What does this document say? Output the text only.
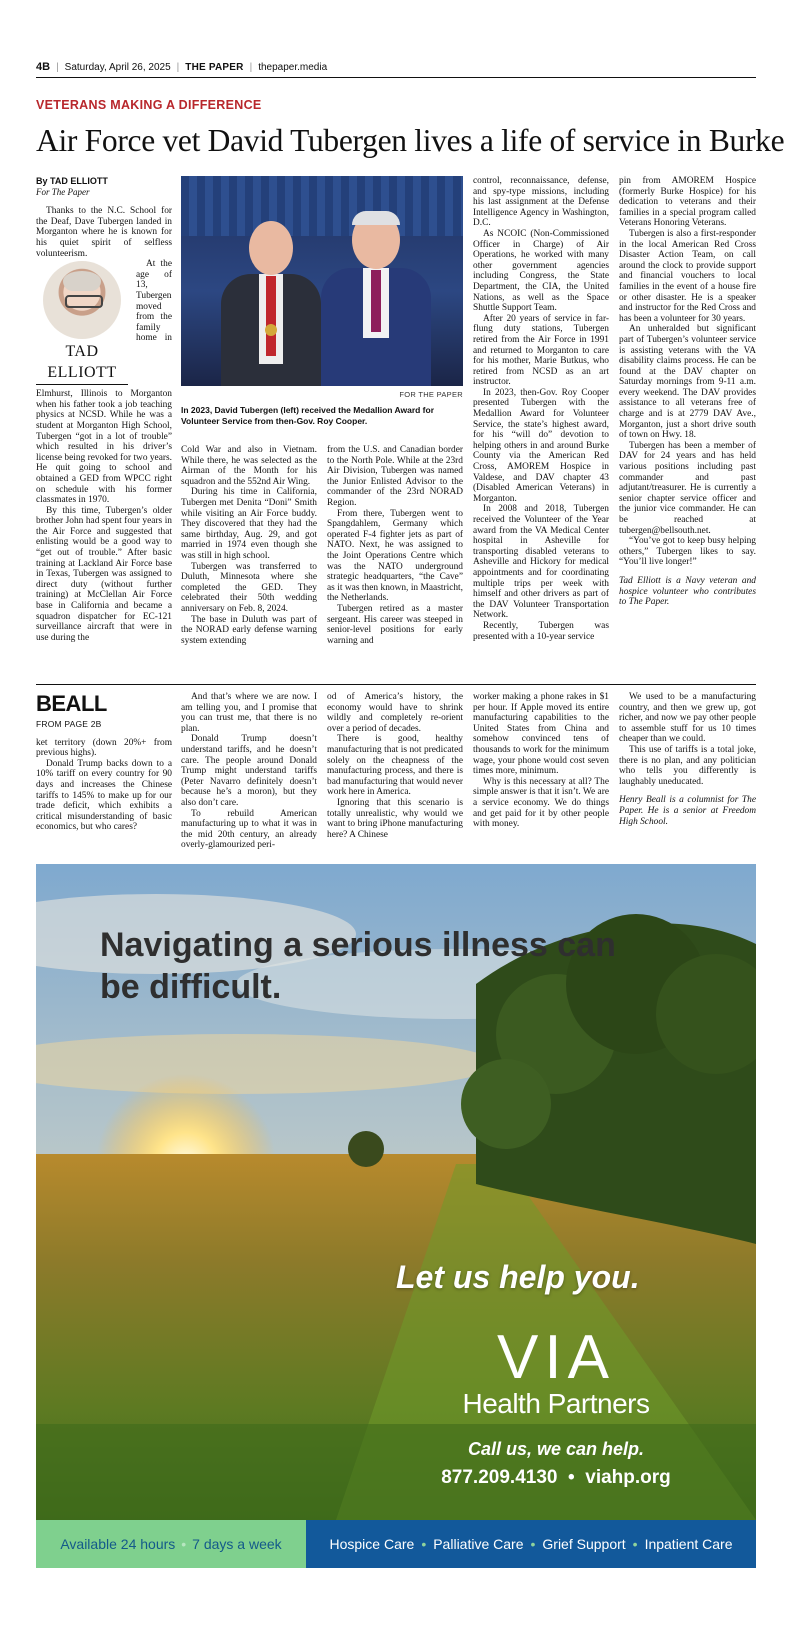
4B | Saturday, April 26, 2025 | THE PAPER | thepaper.media
VETERANS MAKING A DIFFERENCE
Air Force vet David Tubergen lives a life of service in Burke
By TAD ELLIOTT
For The Paper

Thanks to the N.C. School for the Deaf, Dave Tubergen landed in Morganton where he is known for his quiet spirit of selfless volunteerism.

TAD
ELLIOTT

At the age of 13, Tubergen moved from the family home in Elmhurst, Illinois to Morganton when his father took a job teaching physics at NCSD. While he was a student at Morganton High School, Tubergen “got in a lot of trouble” which resulted in his driver’s license being revoked for two years. He quit going to school and obtained a GED from WPCC right on schedule with his former classmates in 1970.

By this time, Tubergen’s older brother John had spent four years in the Air Force and suggested that enlisting would be a good way to “get out of trouble.” After basic training at Lackland Air Force base in Texas, Tubergen was assigned to direct duty (without further training) at McClellan Air Force base in California and became a squadron dispatcher for EC-121 surveillance aircraft that were in use during the

FOR THE PAPER
In 2023, David Tubergen (left) received the Medallion Award for Volunteer Service from then-Gov. Roy Cooper.

Cold War and also in Vietnam. While there, he was selected as the Airman of the Month for his squadron and the 552nd Air Wing.

During his time in California, Tubergen met Denita “Doni” Smith while visiting an Air Force buddy. They discovered that they had the same birthday, Aug. 29, and got married in 1974 even though she was still in high school.

Tubergen was transferred to Duluth, Minnesota where she completed the GED. They celebrated their 50th wedding anniversary on Feb. 8, 2024.

The base in Duluth was part of the NORAD early defense warning system extending

from the U.S. and Canadian border to the North Pole. While at the 23rd Air Division, Tubergen was named the Junior Enlisted Advisor to the commander of the 23rd NORAD Region.

From there, Tubergen went to Spangdahlem, Germany which operated F-4 fighter jets as part of NATO. Next, he was assigned to the Joint Operations Centre which was the NATO underground strategic headquarters, “the Cave” as it was then known, in Maastricht, the Netherlands.

Tubergen retired as a master sergeant. His career was steeped in senior-level positions for early warning and

control, reconnaissance, defense, and spy-type missions, including his last assignment at the Defense Intelligence Agency in Washington, D.C.

As NCOIC (Non-Commissioned Officer in Charge) of Air Operations, he worked with many other government agencies including Congress, the State Department, the CIA, the United Nations, as well as the Space Shuttle Support Team.

After 20 years of service in far-flung duty stations, Tubergen retired from the Air Force in 1991 and returned to Morganton to care for his mother, Marie Butkus, who retired from NCSD as an art instructor.

In 2023, then-Gov. Roy Cooper presented Tubergen with the Medallion Award for Volunteer Service, the state’s highest award, for his “will do” devotion to helping others in and around Burke County via the American Red Cross, AMOREM Hospice in Valdese, and DAV chapter 43 (Disabled American Veterans) in Morganton.

In 2008 and 2018, Tubergen received the Volunteer of the Year award from the VA Medical Center hospital in Asheville for transporting disabled veterans to Asheville and Hickory for medical appointments and for coordinating multiple trips per week with himself and other drivers as part of the DAV Volunteer Transportation Network.

Recently, Tubergen was presented with a 10-year service

pin from AMOREM Hospice (formerly Burke Hospice) for his dedication to veterans and their families in a special program called Veterans Honoring Veterans.

Tubergen is also a first-responder in the local American Red Cross Disaster Action Team, on call around the clock to provide support and financial vouchers to local families in the event of a house fire or other disaster. He is a speaker and instructor for the Red Cross and has been a volunteer for 30 years.

An unheralded but significant part of Tubergen’s volunteer service is assisting veterans with the VA disability claims process. He can be found at the DAV chapter on Saturday mornings from 9-11 a.m. every weekend. The DAV provides assistance to all veterans free of charge and is at 2779 DAV Ave., Morganton, just a short drive south of town on Hwy. 18.

Tubergen has been a member of DAV for 24 years and has held various positions including past commander and past adjutant/treasurer. He is currently a senior chapter service officer and the junior vice commander. He can be reached at tubergen@bellsouth.net.

“You’ve got to keep busy helping others,” Tubergen likes to say. “You’ll live longer!”

Tad Elliott is a Navy veteran and hospice volunteer who contributes to The Paper.

BEALL
FROM PAGE 2B

ket territory (down 20%+ from previous highs).

Donald Trump backs down to a 10% tariff on every country for 90 days and increases the Chinese tariffs to 145% to make up for our trade deficit, which exhibits a critical misunderstanding of basic economics, but who cares?

And that’s where we are now. I am telling you, and I promise that you can trust me, that there is no plan.

Donald Trump doesn’t understand tariffs, and he doesn’t care. The people around Donald Trump might understand tariffs (Peter Navarro definitely doesn’t because he’s a moron), but they also don’t care.

To rebuild American manufacturing up to what it was in the mid 20th century, an already overly-glamourized peri-

od of America’s history, the economy would have to shrink wildly and completely re-orient over a period of decades.

There is good, healthy manufacturing that is not predicated solely on the cheapness of the manufacturing process, and there is bad manufacturing that would never work here in America.

Ignoring that this scenario is totally unrealistic, why would we want to bring iPhone manufacturing here? A Chinese

worker making a phone rakes in $1 per hour. If Apple moved its entire manufacturing capabilities to the United States from China and somehow convinced tens of thousands to work for the minimum wage, your phone would cost seven times more, minimum.

Why is this necessary at all? The simple answer is that it isn’t. We are a service economy. We do things and get paid for it by other people with money.

We used to be a manufacturing country, and then we grew up, got richer, and now we pay other people to assemble stuff for us 10 times cheaper than we could.

This use of tariffs is a total joke, there is no plan, and any politician who tells you differently is laughably uneducated.

Henry Beall is a columnist for The Paper. He is a senior at Freedom High School.

Navigating a serious illness can be difficult.
Let us help you.
VIA
Health Partners
Call us, we can help.
877.209.4130 • viahp.org
Available 24 hours • 7 days a week	Hospice Care • Palliative Care • Grief Support • Inpatient Care
